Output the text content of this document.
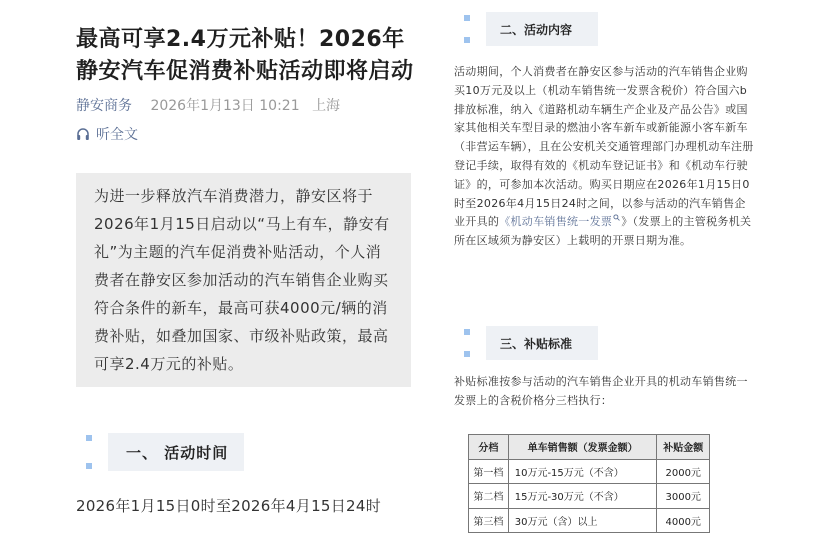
最高可享2.4万元补贴！2026年静安汽车促消费补贴活动即将启动
静安商务 2026年1月13日 10:21 上海
听全文
为进一步释放汽车消费潜力，静安区将于2026年1月15日启动以“马上有车，静安有礼”为主题的汽车促消费补贴活动，个人消费者在静安区参加活动的汽车销售企业购买符合条件的新车，最高可获4000元/辆的消费补贴，如叠加国家、市级补贴政策，最高可享2.4万元的补贴。
一、 活动时间
2026年1月15日0时至2026年4月15日24时
二、活动内容
活动期间，个人消费者在静安区参与活动的汽车销售企业购买10万元及以上（机动车销售统一发票含税价）符合国六b排放标准，纳入《道路机动车辆生产企业及产品公告》或国家其他相关车型目录的燃油小客车新车或新能源小客车新车（非营运车辆），且在公安机关交通管理部门办理机动车注册登记手续，取得有效的《机动车登记证书》和《机动车行驶证》的，可参加本次活动。购买日期应在2026年1月15日0时至2026年4月15日24时之间，以参与活动的汽车销售企业开具的《机动车销售统一发票 》（发票上的主管税务机关所在区域须为静安区）上载明的开票日期为准。
三、补贴标准
补贴标准按参与活动的汽车销售企业开具的机动车销售统一发票上的含税价格分三档执行：
分档	单车销售额（发票金额）	补贴金额
第一档	10万元-15万元（不含）	2000元
第二档	15万元-30万元（不含）	3000元
第三档	30万元（含）以上	4000元
